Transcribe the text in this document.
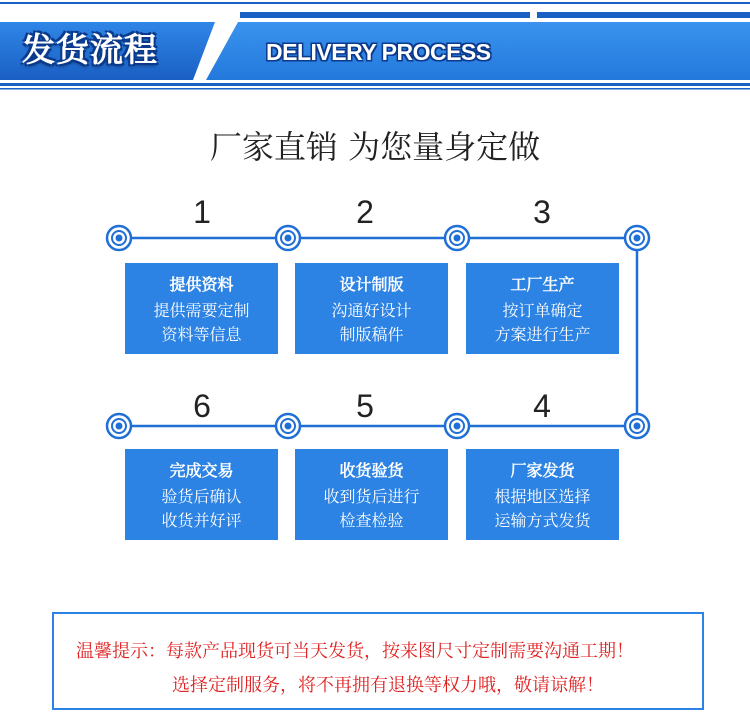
发货流程	DELIVERY PROCESS
厂家直销 为您量身定做
1	2	3
4
5
6
提供资料
提供需要定制
资料等信息
设计制版
沟通好设计
制版稿件
工厂生产
按订单确定
方案进行生产
完成交易
验货后确认
收货并好评
收货验货
收到货后进行
检查检验
厂家发货
根据地区选择
运输方式发货
温馨提示：每款产品现货可当天发货，按来图尺寸定制需要沟通工期！
选择定制服务，将不再拥有退换等权力哦，敬请谅解！
